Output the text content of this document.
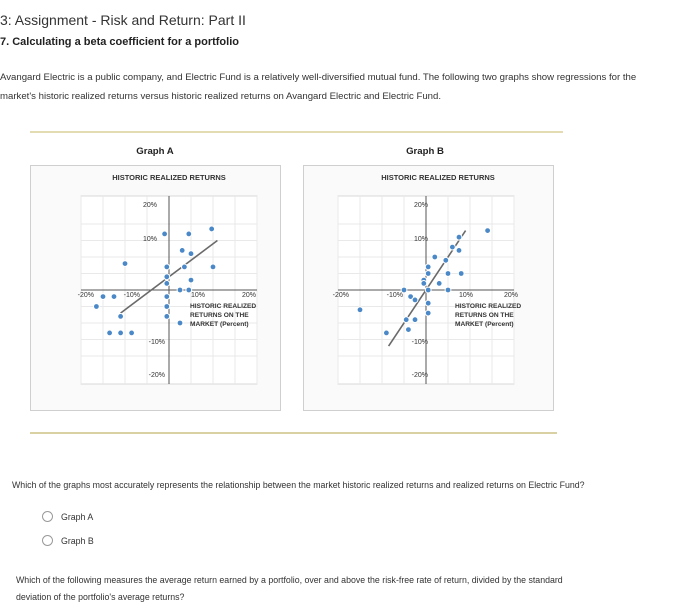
3: Assignment - Risk and Return: Part II
7. Calculating a beta coefficient for a portfolio
Avangard Electric is a public company, and Electric Fund is a relatively well-diversified mutual fund. The following two graphs show regressions for the
market's historic realized returns versus historic realized returns on Avangard Electric and Electric Fund.
Graph A	Graph B
HISTORIC REALIZED RETURNS
-20%	-10%	10%	20%
20%
10%
-10%
-20%
HISTORIC REALIZED
RETURNS ON THE
MARKET (Percent)
HISTORIC REALIZED RETURNS
-20%	-10%	10%	20%
20%
10%
-10%
-20%
HISTORIC REALIZED
RETURNS ON THE
MARKET (Percent)
Which of the graphs most accurately represents the relationship between the market historic realized returns and realized returns on Electric Fund?
Graph A
Graph B
Which of the following measures the average return earned by a portfolio, over and above the risk-free rate of return, divided by the standard
deviation of the portfolio's average returns?
